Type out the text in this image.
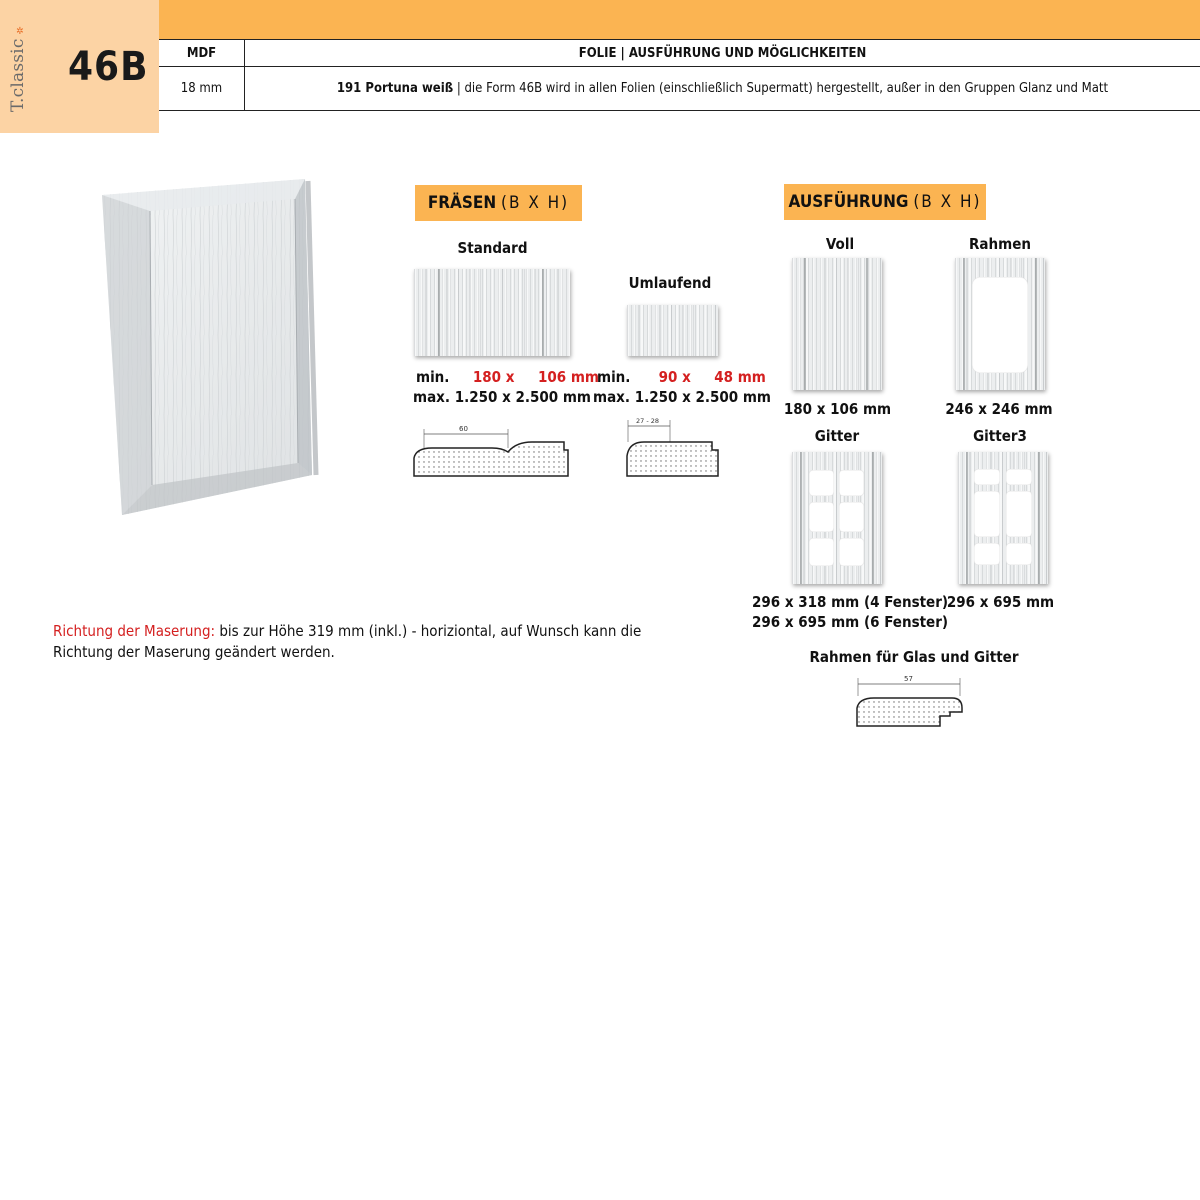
✲
T.classic	46B	MDF	FOLIE | AUSFÜHRUNG UND MÖGLICHKEITEN
18 mm	191 Portuna weiß | die Form 46B wird in allen Folien (einschließlich Supermatt) hergestellt, außer in den Gruppen Glanz und Matt
FRÄSEN (B X H)
Standard
min. 180 x 106 mm
max. 1.250 x 2.500 mm
60
Umlaufend
min. 90 x 48 mm
max. 1.250 x 2.500 mm
27 - 28
AUSFÜHRUNG (B X H)
Voll
180 x 106 mm
Rahmen
246 x 246 mm
Gitter
296 x 318 mm (4 Fenster)
296 x 695 mm (6 Fenster)
Gitter3
296 x 695 mm
Rahmen für Glas und Gitter
57
Richtung der Maserung: bis zur Höhe 319 mm (inkl.) - horiziontal, auf Wunsch kann die Richtung der Maserung geändert werden.
